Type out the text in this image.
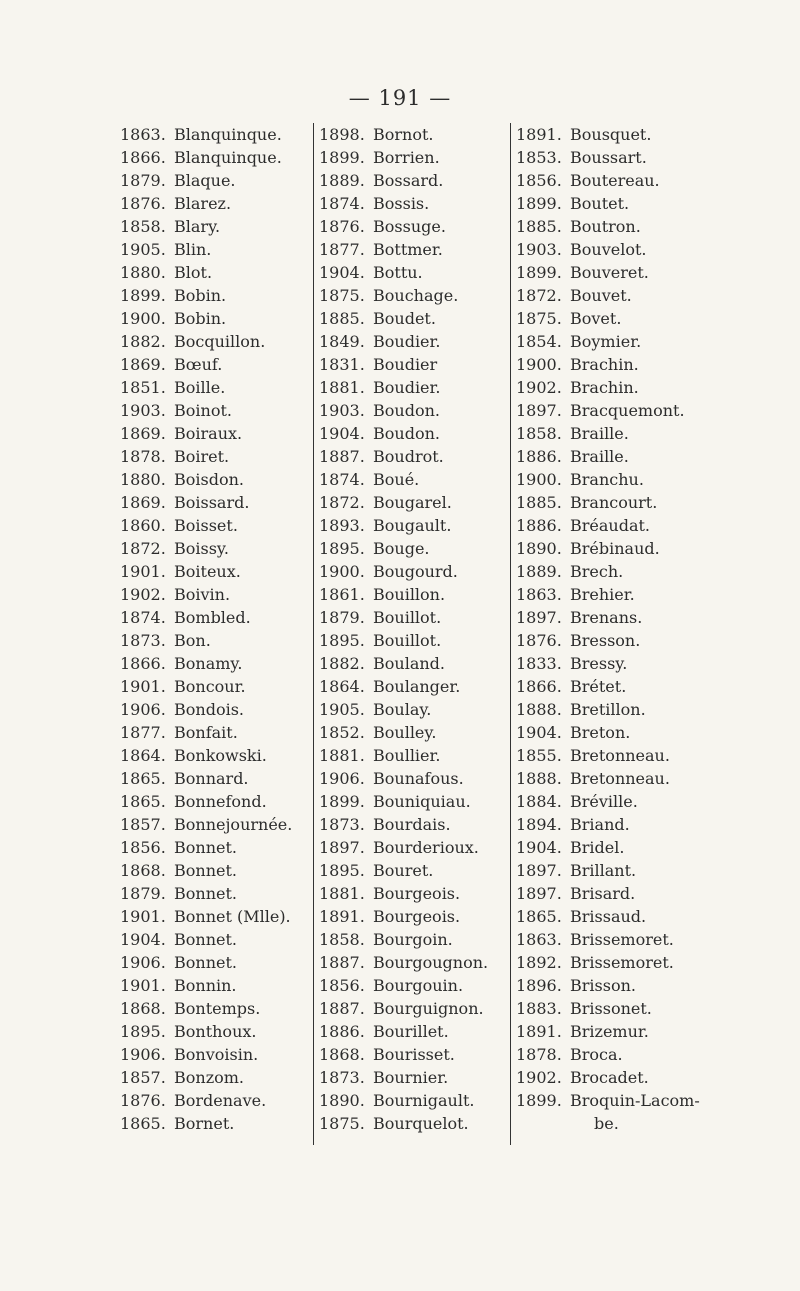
— 191 —
1863. Blanquinque.
1866. Blanquinque.
1879. Blaque.
1876. Blarez.
1858. Blary.
1905. Blin.
1880. Blot.
1899. Bobin.
1900. Bobin.
1882. Bocquillon.
1869. Bœuf.
1851. Boille.
1903. Boinot.
1869. Boiraux.
1878. Boiret.
1880. Boisdon.
1869. Boissard.
1860. Boisset.
1872. Boissy.
1901. Boiteux.
1902. Boivin.
1874. Bombled.
1873. Bon.
1866. Bonamy.
1901. Boncour.
1906. Bondois.
1877. Bonfait.
1864. Bonkowski.
1865. Bonnard.
1865. Bonnefond.
1857. Bonnejournée.
1856. Bonnet.
1868. Bonnet.
1879. Bonnet.
1901. Bonnet (Mlle).
1904. Bonnet.
1906. Bonnet.
1901. Bonnin.
1868. Bontemps.
1895. Bonthoux.
1906. Bonvoisin.
1857. Bonzom.
1876. Bordenave.
1865. Bornet.
1898. Bornot.
1899. Borrien.
1889. Bossard.
1874. Bossis.
1876. Bossuge.
1877. Bottmer.
1904. Bottu.
1875. Bouchage.
1885. Boudet.
1849. Boudier.
1831. Boudier
1881. Boudier.
1903. Boudon.
1904. Boudon.
1887. Boudrot.
1874. Boué.
1872. Bougarel.
1893. Bougault.
1895. Bouge.
1900. Bougourd.
1861. Bouillon.
1879. Bouillot.
1895. Bouillot.
1882. Bouland.
1864. Boulanger.
1905. Boulay.
1852. Boulley.
1881. Boullier.
1906. Bounafous.
1899. Bouniquiau.
1873. Bourdais.
1897. Bourderioux.
1895. Bouret.
1881. Bourgeois.
1891. Bourgeois.
1858. Bourgoin.
1887. Bourgougnon.
1856. Bourgouin.
1887. Bourguignon.
1886. Bourillet.
1868. Bourisset.
1873. Bournier.
1890. Bournigault.
1875. Bourquelot.
1891. Bousquet.
1853. Boussart.
1856. Boutereau.
1899. Boutet.
1885. Boutron.
1903. Bouvelot.
1899. Bouveret.
1872. Bouvet.
1875. Bovet.
1854. Boymier.
1900. Brachin.
1902. Brachin.
1897. Bracquemont.
1858. Braille.
1886. Braille.
1900. Branchu.
1885. Brancourt.
1886. Bréaudat.
1890. Brébinaud.
1889. Brech.
1863. Brehier.
1897. Brenans.
1876. Bresson.
1833. Bressy.
1866. Brétet.
1888. Bretillon.
1904. Breton.
1855. Bretonneau.
1888. Bretonneau.
1884. Bréville.
1894. Briand.
1904. Bridel.
1897. Brillant.
1897. Brisard.
1865. Brissaud.
1863. Brissemoret.
1892. Brissemoret.
1896. Brisson.
1883. Brissonet.
1891. Brizemur.
1878. Broca.
1902. Brocadet.
1899. Broquin-Lacom-
be.
